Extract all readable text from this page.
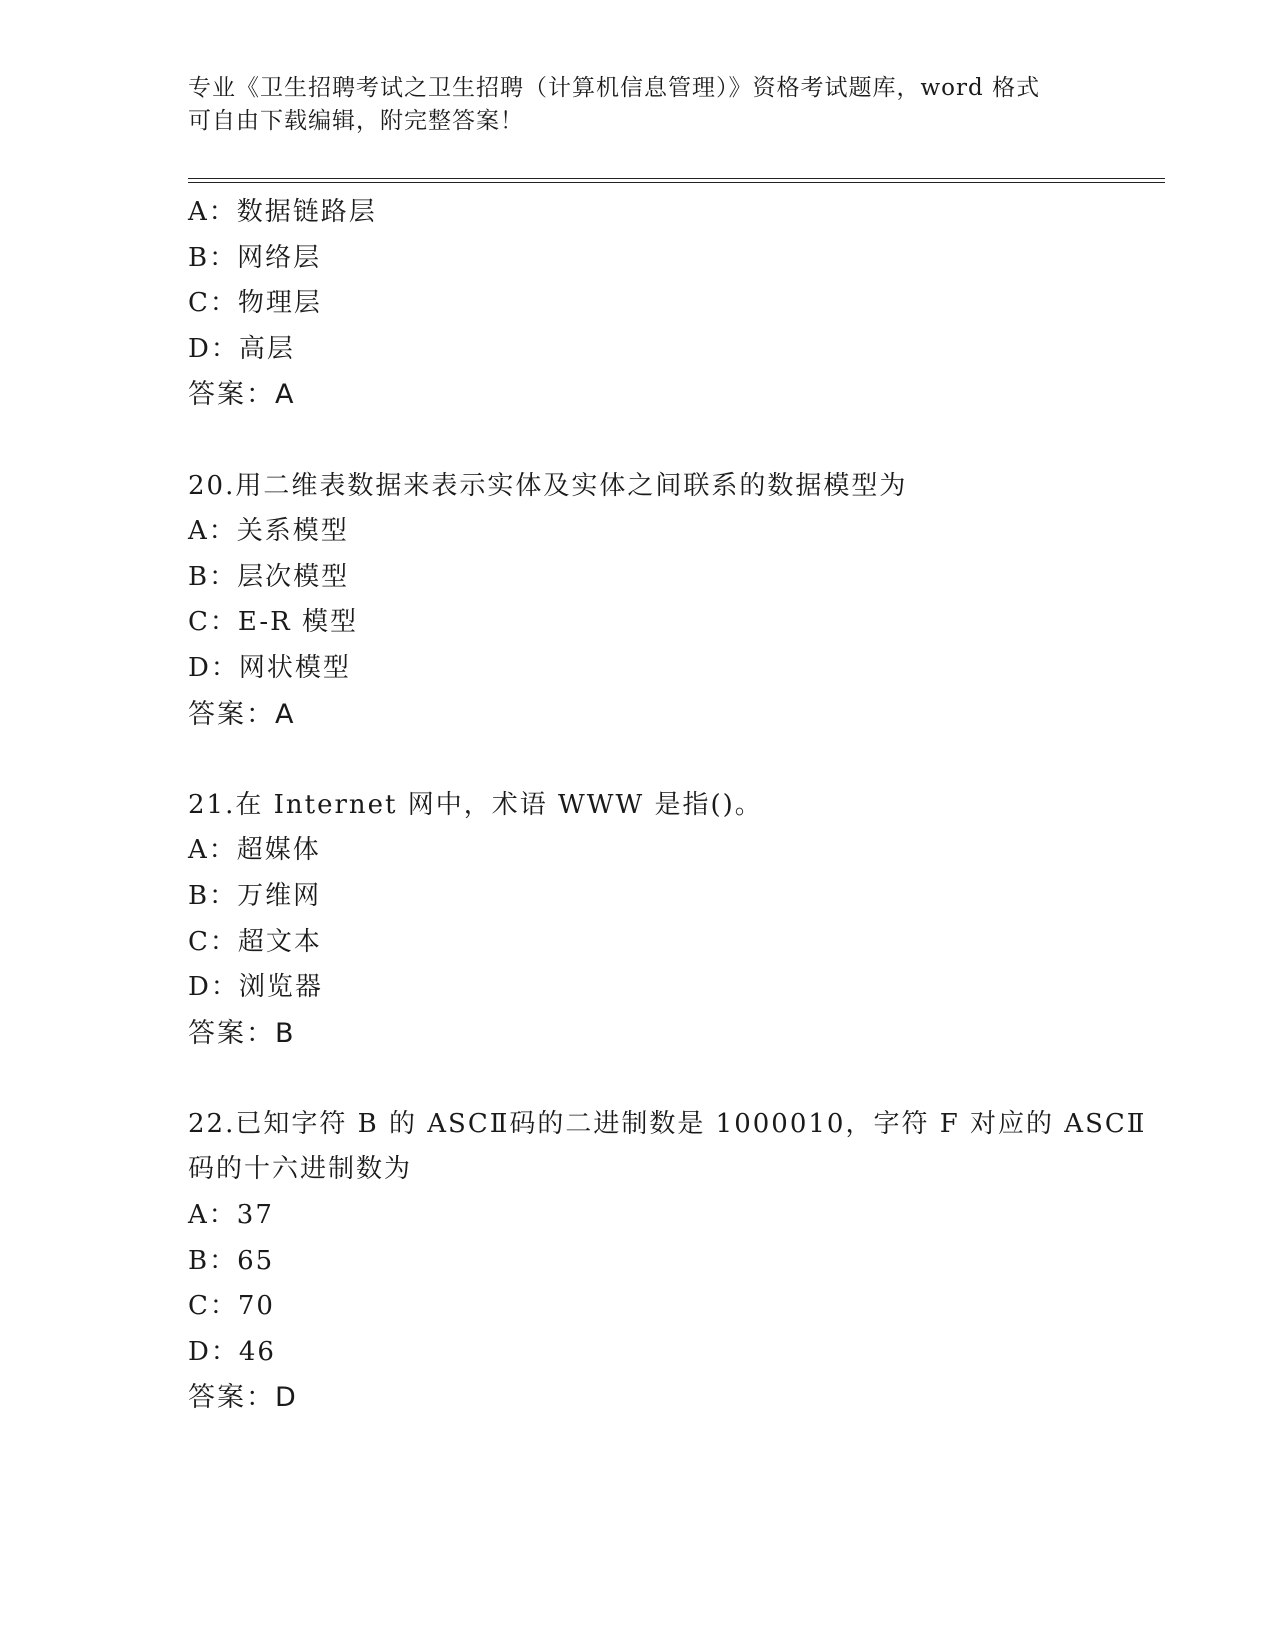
专业《卫生招聘考试之卫生招聘（计算机信息管理）》资格考试题库，word 格式
可自由下载编辑，附完整答案！
A：数据链路层
B：网络层
C：物理层
D：高层
答案：A
20.用二维表数据来表示实体及实体之间联系的数据模型为
A：关系模型
B：层次模型
C：E-R 模型
D：网状模型
答案：A
21.在 Internet 网中，术语 WWW 是指()。
A：超媒体
B：万维网
C：超文本
D：浏览器
答案：B
22.已知字符 B 的 ASCⅡ码的二进制数是 1000010，字符 F 对应的 ASCⅡ
码的十六进制数为
A：37
B：65
C：70
D：46
答案：D
